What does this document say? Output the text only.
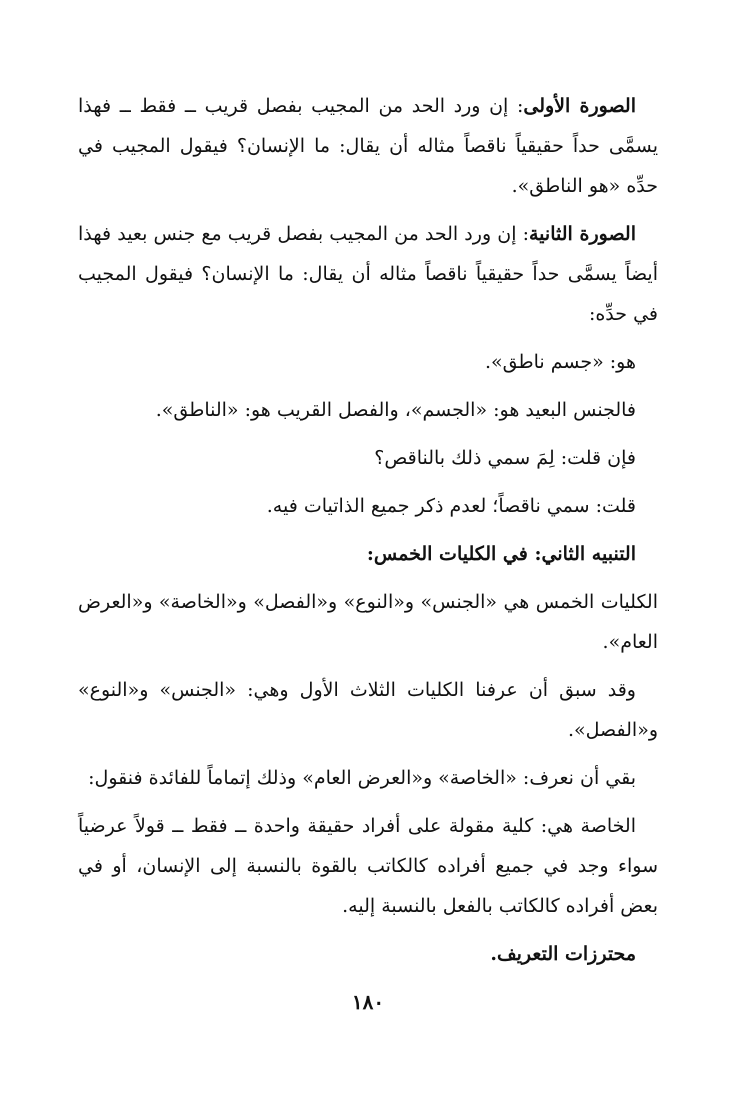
الصورة الأولى: إن ورد الحد من المجيب بفصل قريب ــ فقط ــ فهذا يسمَّى حداً حقيقياً ناقصاً مثاله أن يقال: ما الإنسان؟ فيقول المجيب في حدِّه «هو الناطق».

الصورة الثانية: إن ورد الحد من المجيب بفصل قريب مع جنس بعيد فهذا أيضاً يسمَّى حداً حقيقياً ناقصاً مثاله أن يقال: ما الإنسان؟ فيقول المجيب في حدِّه:

هو: «جسم ناطق».

فالجنس البعيد هو: «الجسم»، والفصل القريب هو: «الناطق».

فإن قلت: لِمَ سمي ذلك بالناقص؟

قلت: سمي ناقصاً؛ لعدم ذكر جميع الذاتيات فيه.

التنبيه الثاني: في الكليات الخمس:

الكليات الخمس هي «الجنس» و«النوع» و«الفصل» و«الخاصة» و«العرض العام».

وقد سبق أن عرفنا الكليات الثلاث الأول وهي: «الجنس» و«النوع» و«الفصل».

بقي أن نعرف: «الخاصة» و«العرض العام» وذلك إتماماً للفائدة فنقول:

الخاصة هي: كلية مقولة على أفراد حقيقة واحدة ــ فقط ــ قولاً عرضياً سواء وجد في جميع أفراده كالكاتب بالقوة بالنسبة إلى الإنسان، أو في بعض أفراده كالكاتب بالفعل بالنسبة إليه.

محترزات التعريف.

١٨٠
